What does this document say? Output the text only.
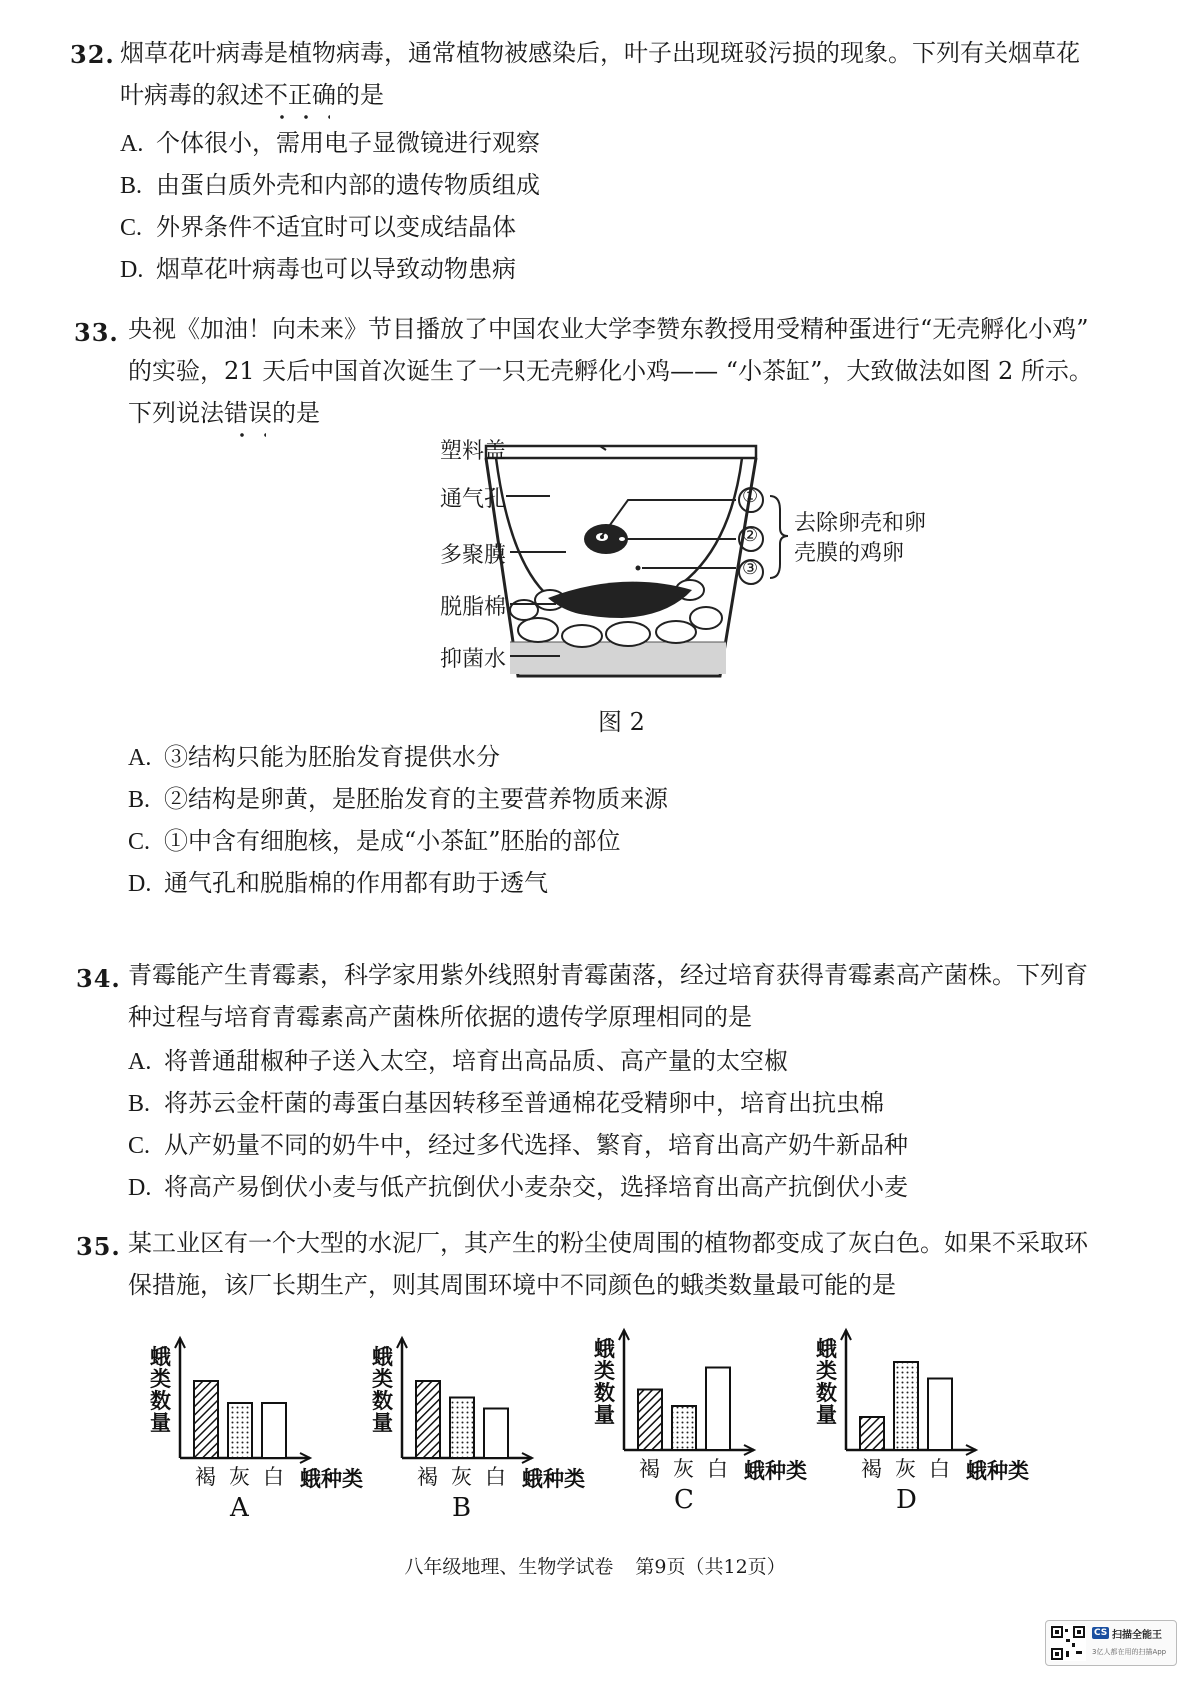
32. 烟草花叶病毒是植物病毒，通常植物被感染后，叶子出现斑驳污损的现象。下列有关烟草花
叶病毒的叙述不正确的是
A. 个体很小，需用电子显微镜进行观察
B. 由蛋白质外壳和内部的遗传物质组成
C. 外界条件不适宜时可以变成结晶体
D. 烟草花叶病毒也可以导致动物患病
33. 央视《加油！向未来》节目播放了中国农业大学李赞东教授用受精种蛋进行“无壳孵化小鸡”
的实验，21 天后中国首次诞生了一只无壳孵化小鸡—— “小茶缸”，大致做法如图 2 所示。
下列说法错误的是
塑料盖
通气孔
多聚膜
脱脂棉
抑菌水
①
②
③
去除卵壳和卵
壳膜的鸡卵
图 2
A. ③结构只能为胚胎发育提供水分
B. ②结构是卵黄，是胚胎发育的主要营养物质来源
C. ①中含有细胞核，是成“小茶缸”胚胎的部位
D. 通气孔和脱脂棉的作用都有助于透气
34. 青霉能产生青霉素，科学家用紫外线照射青霉菌落，经过培育获得青霉素高产菌株。下列育
种过程与培育青霉素高产菌株所依据的遗传学原理相同的是
A. 将普通甜椒种子送入太空，培育出高品质、高产量的太空椒
B. 将苏云金杆菌的毒蛋白基因转移至普通棉花受精卵中，培育出抗虫棉
C. 从产奶量不同的奶牛中，经过多代选择、繁育，培育出高产奶牛新品种
D. 将高产易倒伏小麦与低产抗倒伏小麦杂交，选择培育出高产抗倒伏小麦
35. 某工业区有一个大型的水泥厂，其产生的粉尘使周围的植物都变成了灰白色。如果不采取环
保措施，该厂长期生产，则其周围环境中不同颜色的蛾类数量最可能的是
蛾
类
数
量
褐 灰 白 蛾种类
A
蛾
类
数
量
褐 灰 白 蛾种类
B
蛾
类
数
量
褐 灰 白 蛾种类
C
蛾
类
数
量
褐 灰 白 蛾种类
D
八年级地理、生物学试卷 第9页（共12页）
CS 扫描全能王
3亿人都在用的扫描App
